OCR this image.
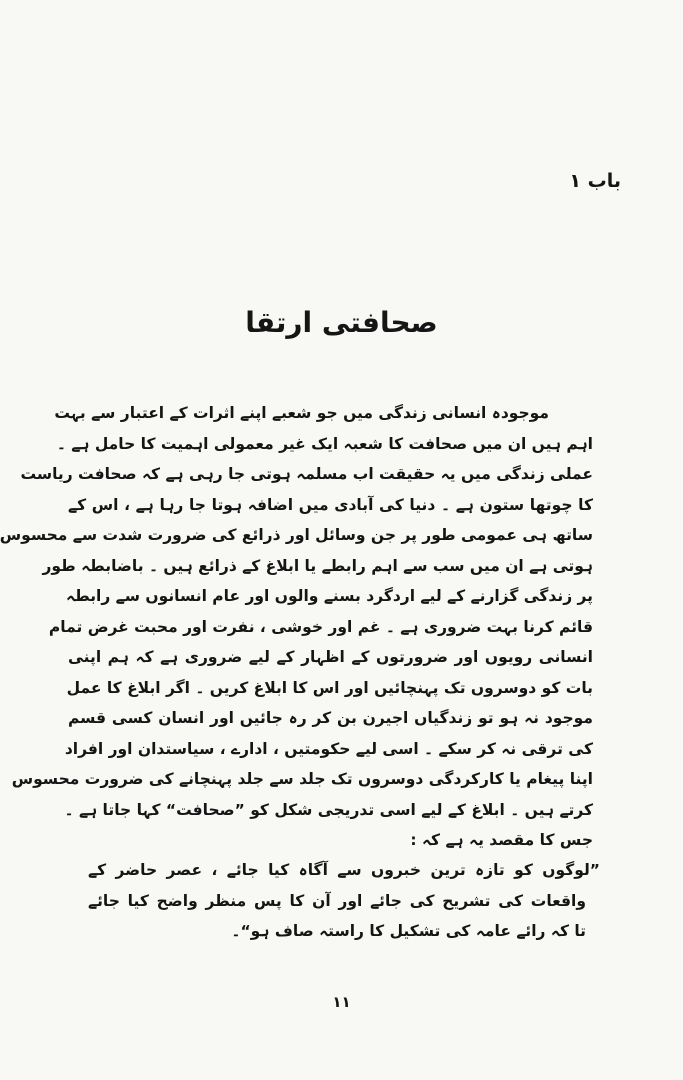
باب ۱
صحافتی ارتقا
موجودہ انسانی زندگی میں جو شعبے اپنے اثرات کے اعتبار سے بہت
اہم ہیں ان میں صحافت کا شعبہ ایک غیر معمولی اہمیت کا حامل ہے ۔
عملی زندگی میں یہ حقیقت اب مسلمہ ہوتی جا رہی ہے کہ صحافت ریاست
کا چوتھا ستون ہے ۔ دنیا کی آبادی میں اضافہ ہوتا جا رہا ہے ، اس کے
ساتھ ہی عمومی طور پر جن وسائل اور ذرائع کی ضرورت شدت سے محسوس
ہوتی ہے ان میں سب سے اہم رابطے یا ابلاغ کے ذرائع ہیں ۔ باضابطہ طور
پر زندگی گزارنے کے لیے اردگرد بسنے والوں اور عام انسانوں سے رابطہ
قائم کرنا بہت ضروری ہے ۔ غم اور خوشی ، نفرت اور محبت غرض تمام
انسانی رویوں اور ضرورتوں کے اظہار کے لیے ضروری ہے کہ ہم اپنی
بات کو دوسروں تک پہنچائیں اور اس کا ابلاغ کریں ۔ اگر ابلاغ کا عمل
موجود نہ ہو تو زندگیاں اجیرن بن کر رہ جائیں اور انسان کسی قسم
کی ترقی نہ کر سکے ۔ اسی لیے حکومتیں ، ادارے ، سیاستدان اور افراد
اپنا پیغام یا کارکردگی دوسروں تک جلد سے جلد پہنچانے کی ضرورت محسوس
کرتے ہیں ۔ ابلاغ کے لیے اسی تدریجی شکل کو ”صحافت“ کہا جاتا ہے ۔
جس کا مقصد یہ ہے کہ :
”لوگوں کو تازہ ترین خبروں سے آگاہ کیا جائے ، عصر حاضر کے
واقعات کی تشریح کی جائے اور آن کا پس منظر واضح کیا جائے
تا کہ رائے عامہ کی تشکیل کا راستہ صاف ہو“۔
۱۱
